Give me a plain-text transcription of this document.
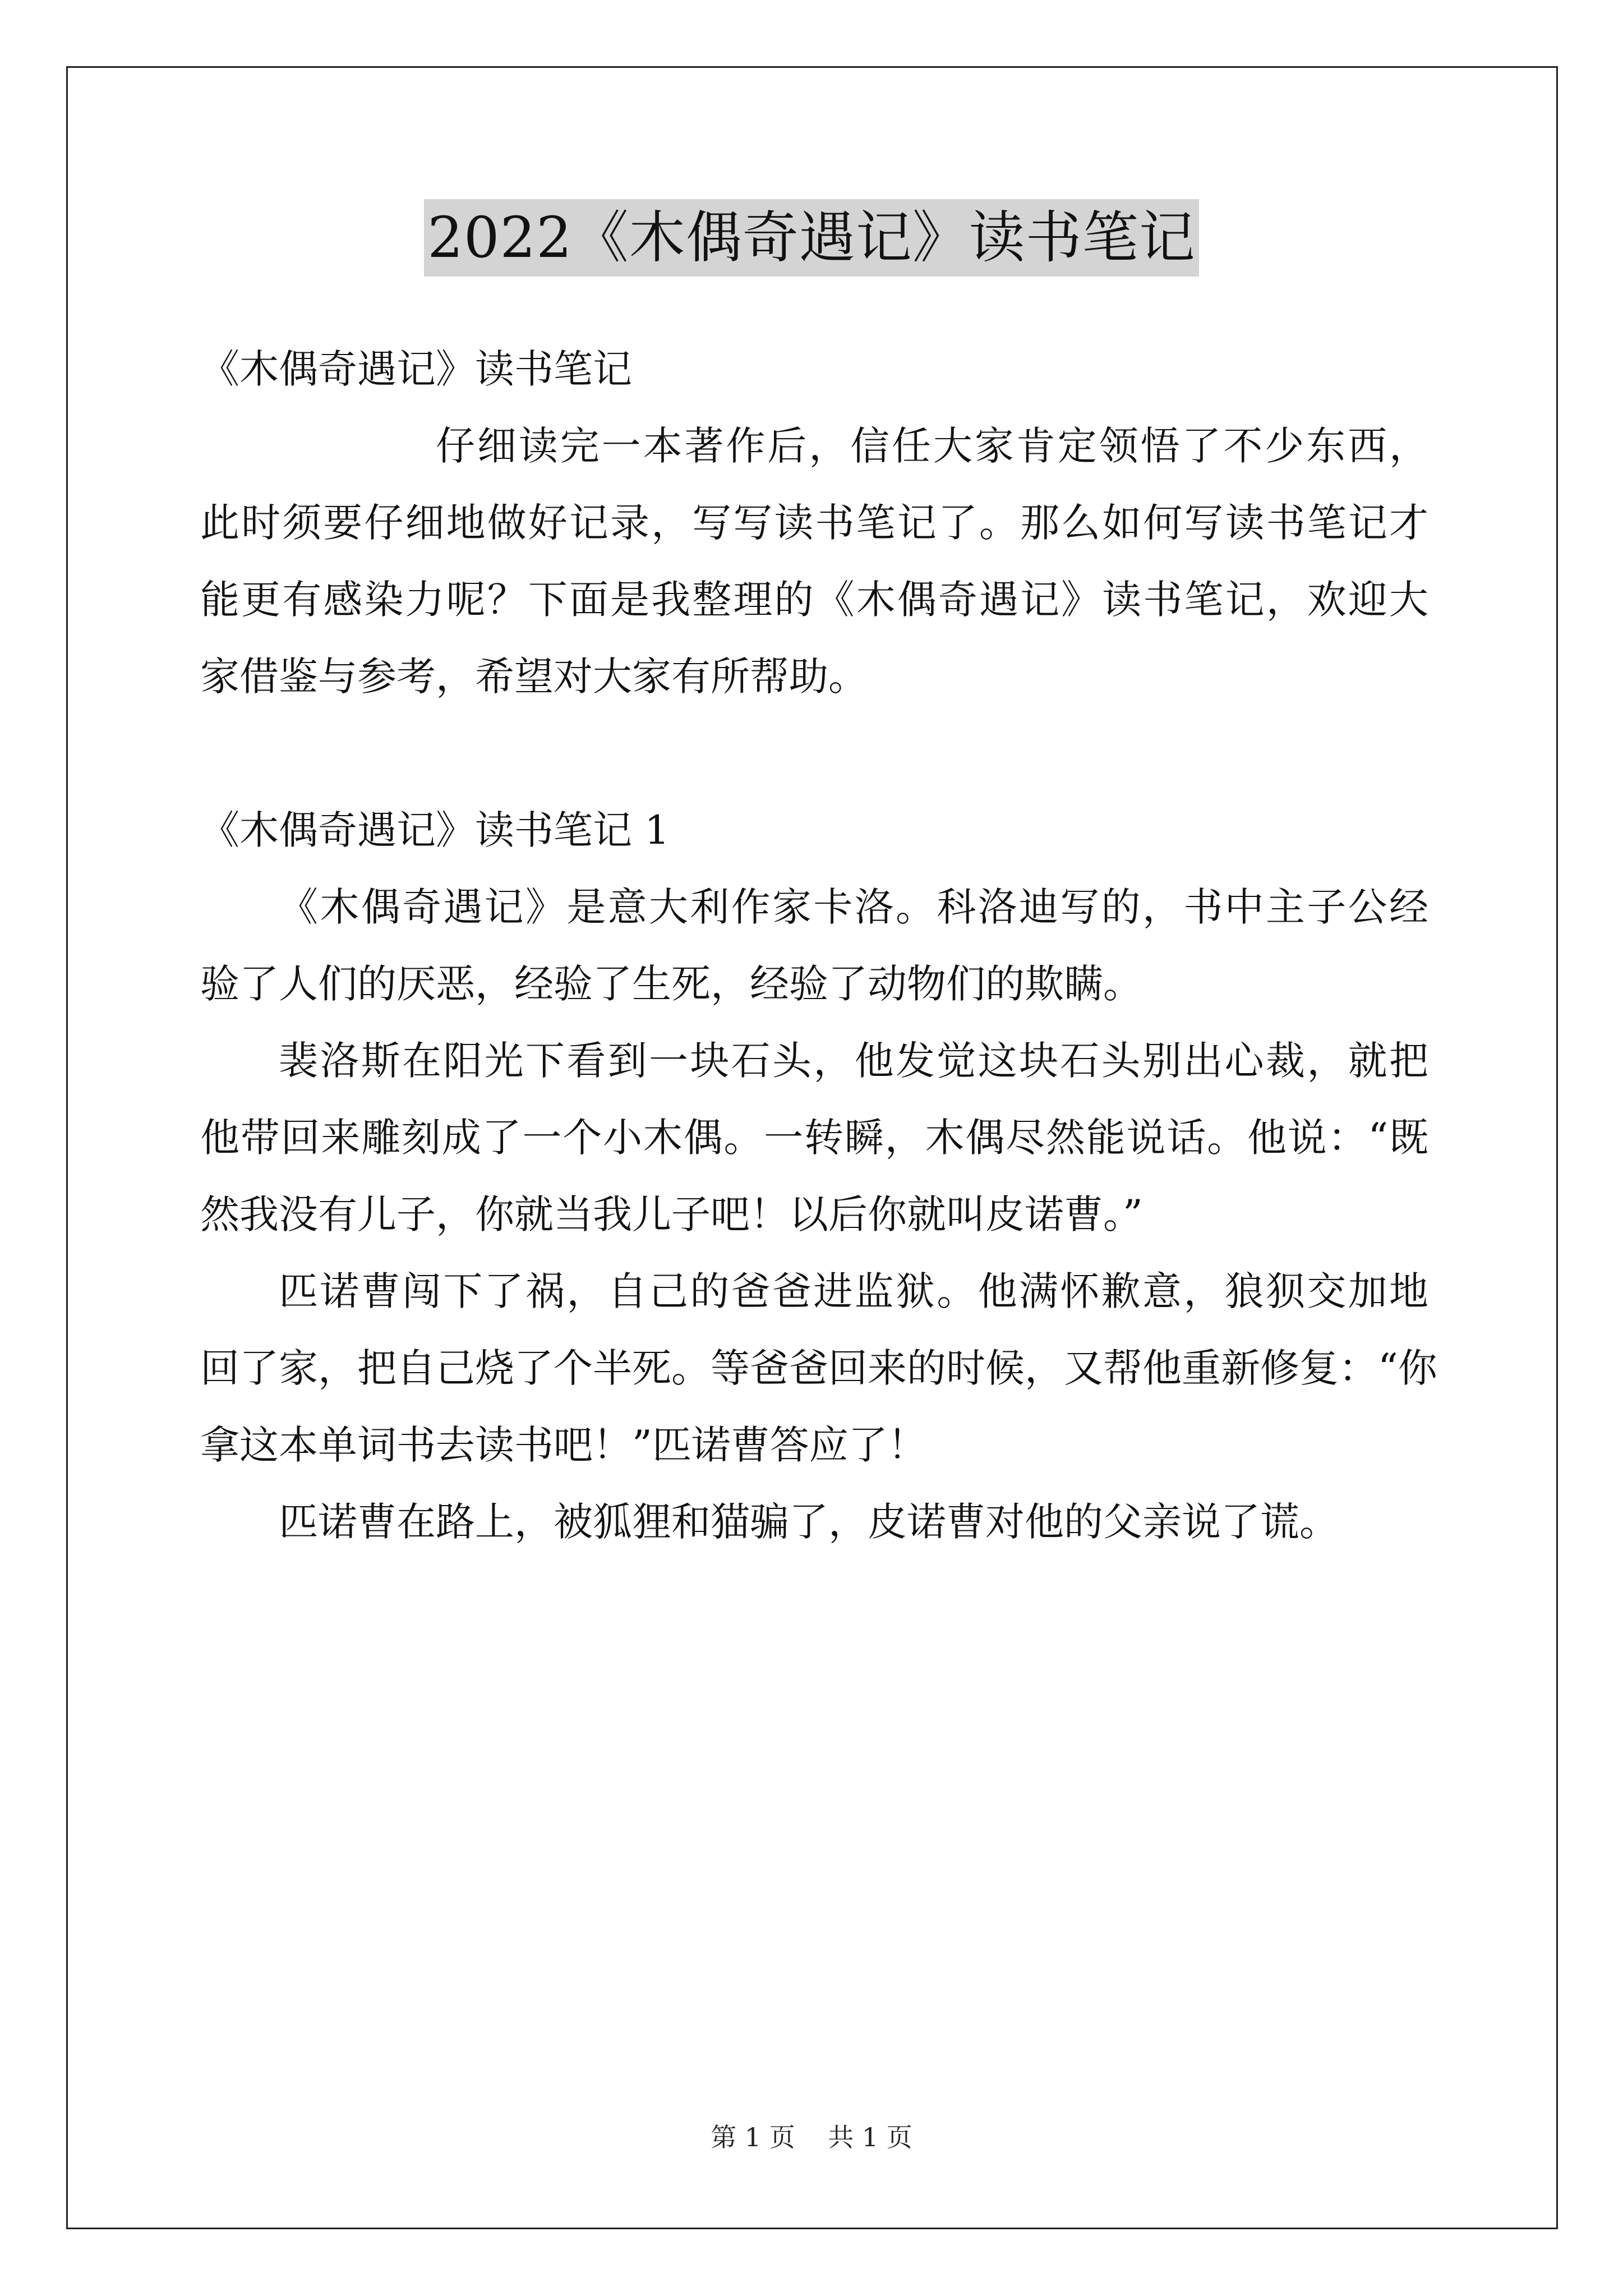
2022《木偶奇遇记》读书笔记
《木偶奇遇记》读书笔记
仔细读完一本著作后，信任大家肯定领悟了不少东西，
此时须要仔细地做好记录，写写读书笔记了。那么如何写读书笔记才
能更有感染力呢？下面是我整理的《木偶奇遇记》读书笔记，欢迎大
家借鉴与参考，希望对大家有所帮助。
《木偶奇遇记》读书笔记 1
《木偶奇遇记》是意大利作家卡洛。科洛迪写的，书中主子公经
验了人们的厌恶，经验了生死，经验了动物们的欺瞒。
裴洛斯在阳光下看到一块石头，他发觉这块石头别出心裁，就把
他带回来雕刻成了一个小木偶。一转瞬，木偶尽然能说话。他说：“既
然我没有儿子，你就当我儿子吧！以后你就叫皮诺曹。”
匹诺曹闯下了祸，自己的爸爸进监狱。他满怀歉意，狼狈交加地
回了家，把自己烧了个半死。等爸爸回来的时候，又帮他重新修复：“你
拿这本单词书去读书吧！”匹诺曹答应了！
匹诺曹在路上，被狐狸和猫骗了，皮诺曹对他的父亲说了谎。
第 1 页    共 1 页
